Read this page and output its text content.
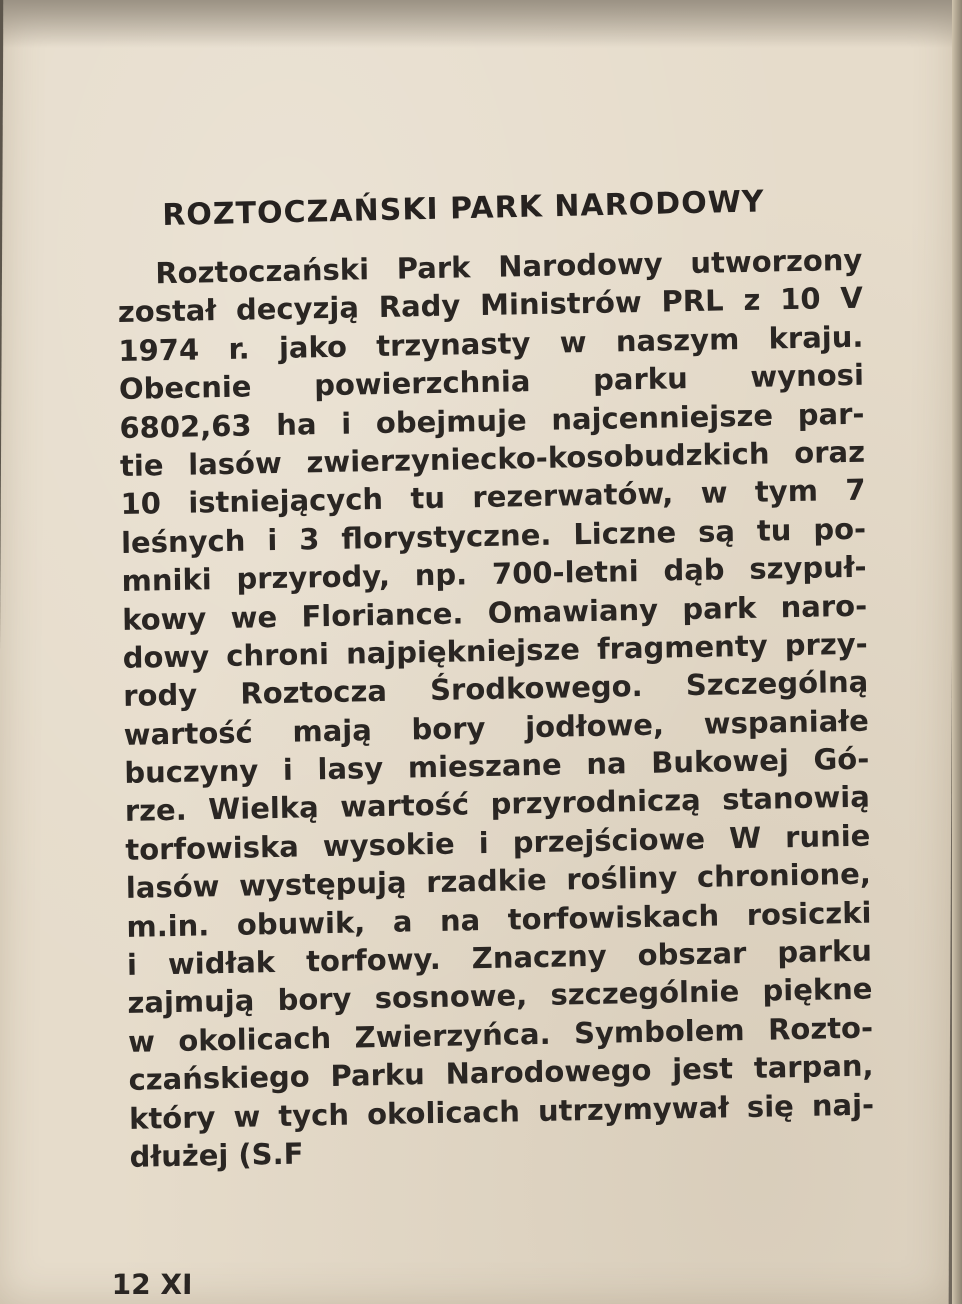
ROZTOCZAŃSKI PARK NARODOWY
Roztoczański Park Narodowy utworzony
został decyzją Rady Ministrów PRL z 10 V
1974 r. jako trzynasty w naszym kraju.
Obecnie powierzchnia parku wynosi
6802,63 ha i obejmuje najcenniejsze par-
tie lasów zwierzyniecko-kosobudzkich oraz
10 istniejących tu rezerwatów, w tym 7
leśnych i 3 florystyczne. Liczne są tu po-
mniki przyrody, np. 700-letni dąb szypuł-
kowy we Floriance. Omawiany park naro-
dowy chroni najpiękniejsze fragmenty przy-
rody Roztocza Środkowego. Szczególną
wartość mają bory jodłowe, wspaniałe
buczyny i lasy mieszane na Bukowej Gó-
rze. Wielką wartość przyrodniczą stanowią
torfowiska wysokie i przejściowe W runie
lasów występują rzadkie rośliny chronione,
m.in. obuwik, a na torfowiskach rosiczki
i widłak torfowy. Znaczny obszar parku
zajmują bory sosnowe, szczególnie piękne
w okolicach Zwierzyńca. Symbolem Rozto-
czańskiego Parku Narodowego jest tarpan,
który w tych okolicach utrzymywał się naj-
dłużej (S.F
12 XI
